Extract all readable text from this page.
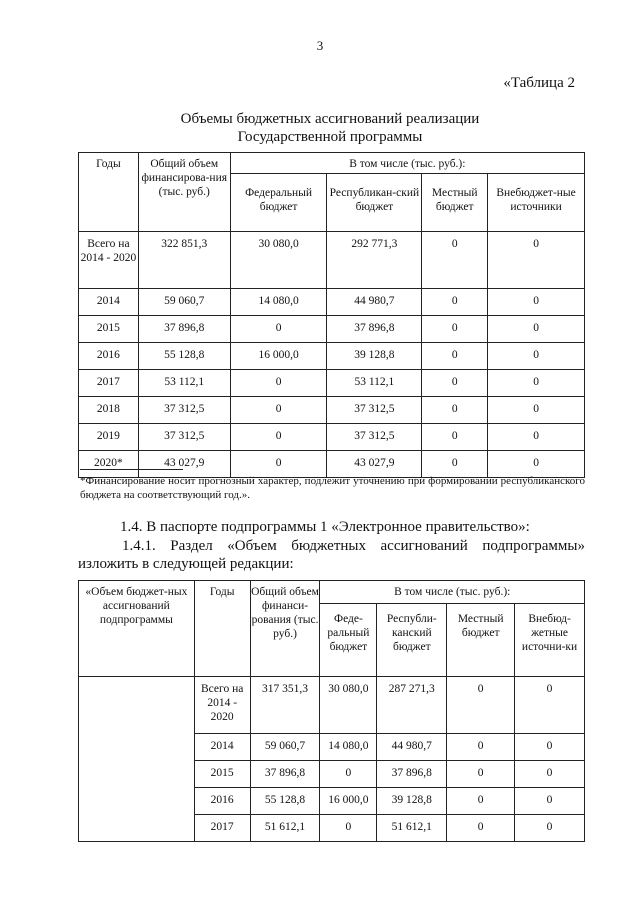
3
«Таблица 2
Объемы бюджетных ассигнований реализации
Государственной программы
Годы	Общий объем финансирова-ния (тыс. руб.)	В том числе (тыс. руб.):			
		Федеральный бюджет	Республикан-ский бюджет	Местный бюджет	Внебюджет-ные источники
Всего на 2014 - 2020	322 851,3	30 080,0	292 771,3	0	0
2014	59 060,7	14 080,0	44 980,7	0	0
2015	37 896,8	0	37 896,8	0	0
2016	55 128,8	16 000,0	39 128,8	0	0
2017	53 112,1	0	53 112,1	0	0
2018	37 312,5	0	37 312,5	0	0
2019	37 312,5	0	37 312,5	0	0
2020*	43 027,9	0	43 027,9	0	0
*Финансирование носит прогнозный характер, подлежит уточнению при формировании республиканского бюджета на соответствующий год.».
1.4. В паспорте подпрограммы 1 «Электронное правительство»:
1.4.1. Раздел «Объем бюджетных ассигнований подпрограммы» изложить в следующей редакции:
«Объем бюджет-ных ассигнований подпрограммы	Годы	Общий объем финанси-рования (тыс. руб.)	В том числе (тыс. руб.):			
			Феде-ральный бюджет	Республи-канский бюджет	Местный бюджет	Внебюд-жетные источни-ки
	Всего на 2014 - 2020	317 351,3	30 080,0	287 271,3	0	0
	2014	59 060,7	14 080,0	44 980,7	0	0
	2015	37 896,8	0	37 896,8	0	0
	2016	55 128,8	16 000,0	39 128,8	0	0
	2017	51 612,1	0	51 612,1	0	0
